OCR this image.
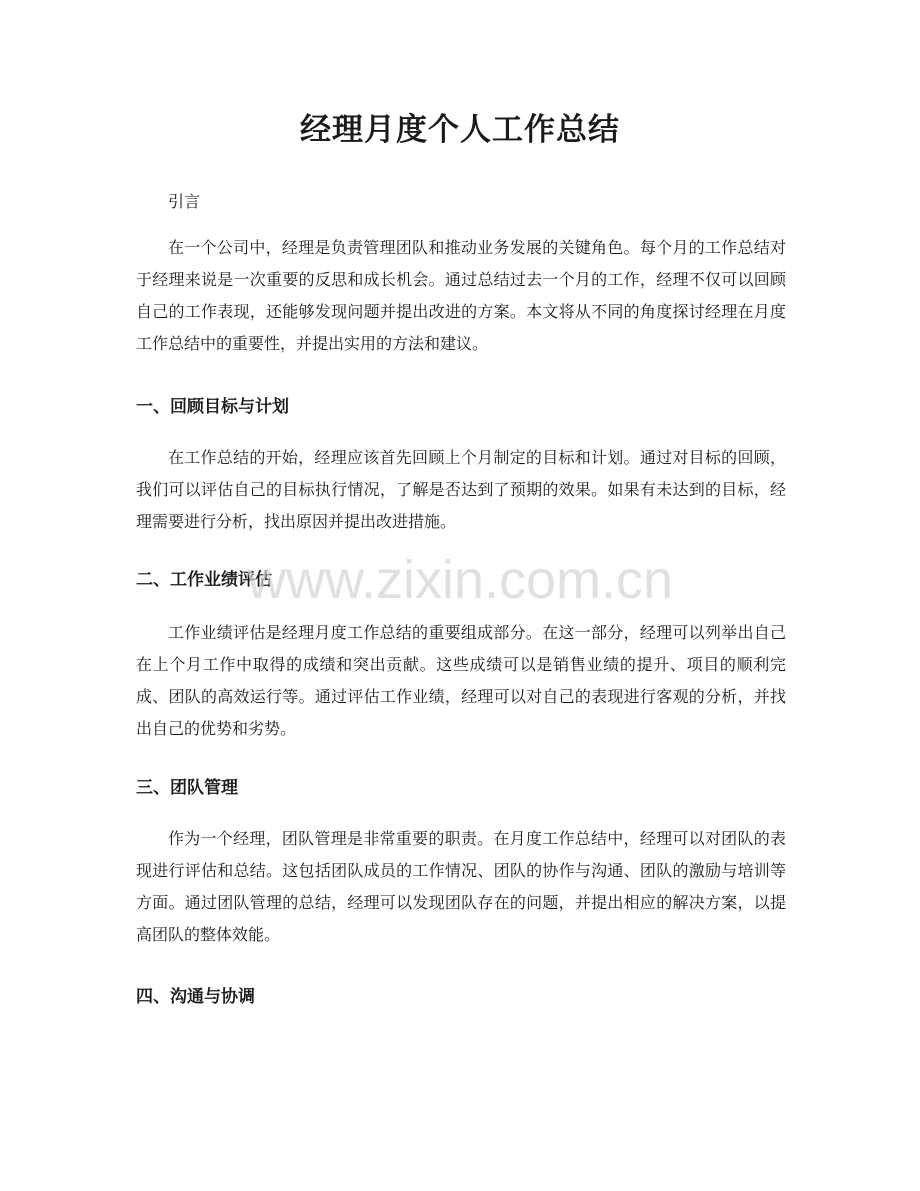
经理月度个人工作总结

引言

在一个公司中，经理是负责管理团队和推动业务发展的关键角色。每个月的工作总结对于经理来说是一次重要的反思和成长机会。通过总结过去一个月的工作，经理不仅可以回顾自己的工作表现，还能够发现问题并提出改进的方案。本文将从不同的角度探讨经理在月度工作总结中的重要性，并提出实用的方法和建议。

一、回顾目标与计划

在工作总结的开始，经理应该首先回顾上个月制定的目标和计划。通过对目标的回顾，我们可以评估自己的目标执行情况，了解是否达到了预期的效果。如果有未达到的目标，经理需要进行分析，找出原因并提出改进措施。

二、工作业绩评估

工作业绩评估是经理月度工作总结的重要组成部分。在这一部分，经理可以列举出自己在上个月工作中取得的成绩和突出贡献。这些成绩可以是销售业绩的提升、项目的顺利完成、团队的高效运行等。通过评估工作业绩，经理可以对自己的表现进行客观的分析，并找出自己的优势和劣势。

三、团队管理

作为一个经理，团队管理是非常重要的职责。在月度工作总结中，经理可以对团队的表现进行评估和总结。这包括团队成员的工作情况、团队的协作与沟通、团队的激励与培训等方面。通过团队管理的总结，经理可以发现团队存在的问题，并提出相应的解决方案，以提高团队的整体效能。

四、沟通与协调
www.zixin.com.cn
